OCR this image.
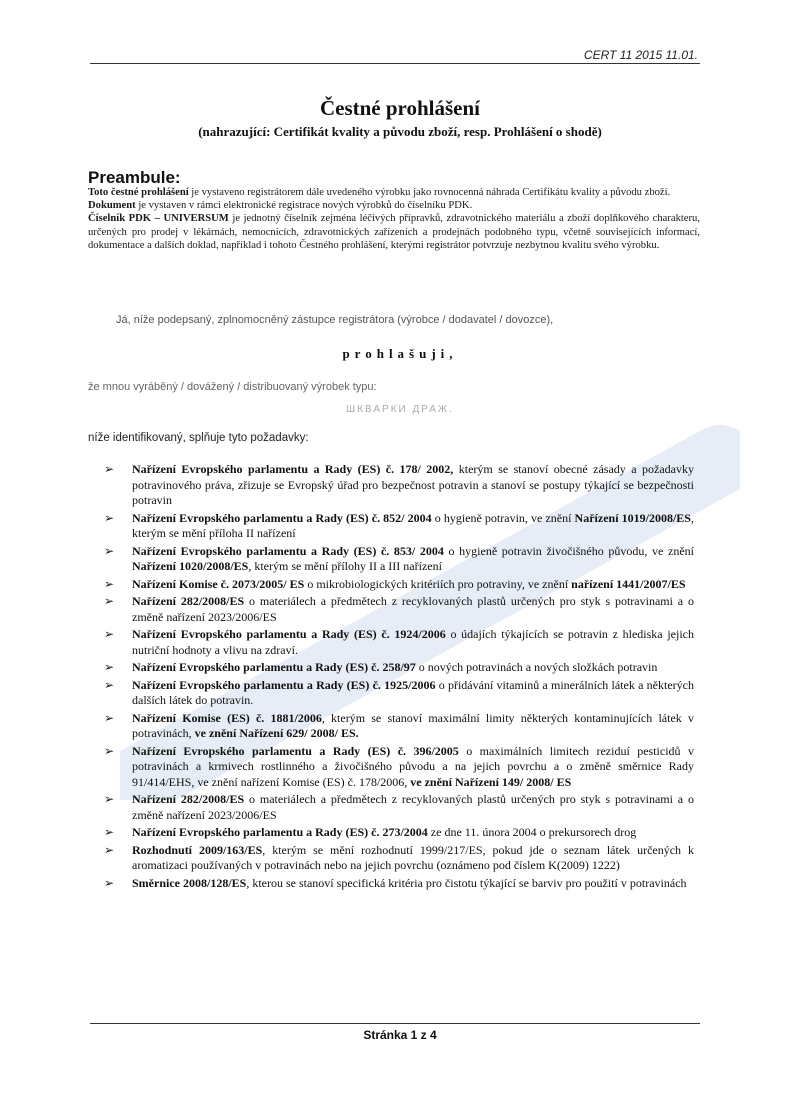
CERT 11 2015 11.01.
Čestné prohlášení
(nahrazující: Certifikát kvality a původu zboží, resp. Prohlášení o shodě)
Preambule:

Toto čestné prohlášení je vystaveno registrátorem dále uvedeného výrobku jako rovnocenná náhrada Certifikátu kvality a původu zboží.

Dokument je vystaven v rámci elektronické registrace nových výrobků do číselníku PDK.

Číselník PDK – UNIVERSUM je jednotný číselník zejména léčivých přípravků, zdravotnického materiálu a zboží doplňkového charakteru, určených pro prodej v lékárnách, nemocnicích, zdravotnických zařízeních a prodejnách podobného typu, včetně souvisejících informací, dokumentace a dalších doklad, například i tohoto Čestného prohlášení, kterými registrátor potvrzuje nezbytnou kvalitu svého výrobku.

Já, níže podepsaný, zplnomocněný zástupce registrátora (výrobce / dodavatel / dovozce),
prohlašuji,
že mnou vyráběný / dovážený / distribuovaný výrobek typu:
ШКВАРКИ ДРАЖ.
níže identifikovaný, splňuje tyto požadavky:
➢ Nařízení Evropského parlamentu a Rady (ES) č. 178/ 2002, kterým se stanoví obecné zásady a požadavky potravinového práva, zřizuje se Evropský úřad pro bezpečnost potravin a stanoví se postupy týkající se bezpečnosti potravin
➢ Nařízení Evropského parlamentu a Rady (ES) č. 852/ 2004 o hygieně potravin, ve znění Nařízení 1019/2008/ES, kterým se mění příloha II nařízení
➢ Nařízení Evropského parlamentu a Rady (ES) č. 853/ 2004 o hygieně potravin živočišného původu, ve znění Nařízení 1020/2008/ES, kterým se mění přílohy II a III nařízení
➢ Nařízení Komise č. 2073/2005/ ES o mikrobiologických kritériích pro potraviny, ve znění nařízení 1441/2007/ES
➢ Nařízení 282/2008/ES o materiálech a předmětech z recyklovaných plastů určených pro styk s potravinami a o změně nařízení 2023/2006/ES
➢ Nařízení Evropského parlamentu a Rady (ES) č. 1924/2006 o údajích týkajících se potravin z hlediska jejich nutriční hodnoty a vlivu na zdraví.
➢ Nařízení Evropského parlamentu a Rady (ES) č. 258/97 o nových potravinách a nových složkách potravin
➢ Nařízení Evropského parlamentu a Rady (ES) č. 1925/2006 o přidávání vitaminů a minerálních látek a některých dalších látek do potravin.
➢ Nařízení Komise (ES) č. 1881/2006, kterým se stanoví maximální limity některých kontaminujících látek v potravinách, ve znění Nařízení 629/ 2008/ ES.
➢ Nařízení Evropského parlamentu a Rady (ES) č. 396/2005 o maximálních limitech reziduí pesticidů v potravinách a krmivech rostlinného a živočišného původu a na jejich povrchu a o změně směrnice Rady 91/414/EHS, ve znění nařízení Komise (ES) č. 178/2006, ve znění Nařízení 149/ 2008/ ES
➢ Nařízení 282/2008/ES o materiálech a předmětech z recyklovaných plastů určených pro styk s potravinami a o změně nařízení 2023/2006/ES
➢ Nařízení Evropského parlamentu a Rady (ES) č. 273/2004 ze dne 11. února 2004 o prekursorech drog
➢ Rozhodnutí 2009/163/ES, kterým se mění rozhodnutí 1999/217/ES, pokud jde o seznam látek určených k aromatizaci používaných v potravinách nebo na jejich povrchu (oznámeno pod číslem K(2009) 1222)
➢ Směrnice 2008/128/ES, kterou se stanoví specifická kritéria pro čistotu týkající se barviv pro použití v potravinách
Stránka 1 z 4
